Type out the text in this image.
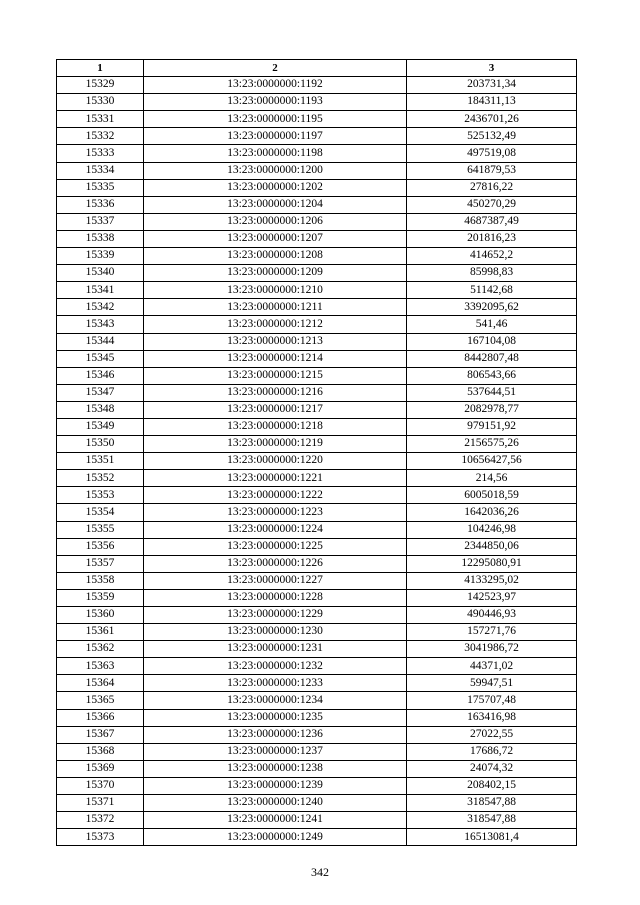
1	2	3
15329	13:23:0000000:1192	203731,34
15330	13:23:0000000:1193	184311,13
15331	13:23:0000000:1195	2436701,26
15332	13:23:0000000:1197	525132,49
15333	13:23:0000000:1198	497519,08
15334	13:23:0000000:1200	641879,53
15335	13:23:0000000:1202	27816,22
15336	13:23:0000000:1204	450270,29
15337	13:23:0000000:1206	4687387,49
15338	13:23:0000000:1207	201816,23
15339	13:23:0000000:1208	414652,2
15340	13:23:0000000:1209	85998,83
15341	13:23:0000000:1210	51142,68
15342	13:23:0000000:1211	3392095,62
15343	13:23:0000000:1212	541,46
15344	13:23:0000000:1213	167104,08
15345	13:23:0000000:1214	8442807,48
15346	13:23:0000000:1215	806543,66
15347	13:23:0000000:1216	537644,51
15348	13:23:0000000:1217	2082978,77
15349	13:23:0000000:1218	979151,92
15350	13:23:0000000:1219	2156575,26
15351	13:23:0000000:1220	10656427,56
15352	13:23:0000000:1221	214,56
15353	13:23:0000000:1222	6005018,59
15354	13:23:0000000:1223	1642036,26
15355	13:23:0000000:1224	104246,98
15356	13:23:0000000:1225	2344850,06
15357	13:23:0000000:1226	12295080,91
15358	13:23:0000000:1227	4133295,02
15359	13:23:0000000:1228	142523,97
15360	13:23:0000000:1229	490446,93
15361	13:23:0000000:1230	157271,76
15362	13:23:0000000:1231	3041986,72
15363	13:23:0000000:1232	44371,02
15364	13:23:0000000:1233	59947,51
15365	13:23:0000000:1234	175707,48
15366	13:23:0000000:1235	163416,98
15367	13:23:0000000:1236	27022,55
15368	13:23:0000000:1237	17686,72
15369	13:23:0000000:1238	24074,32
15370	13:23:0000000:1239	208402,15
15371	13:23:0000000:1240	318547,88
15372	13:23:0000000:1241	318547,88
15373	13:23:0000000:1249	16513081,4
342
